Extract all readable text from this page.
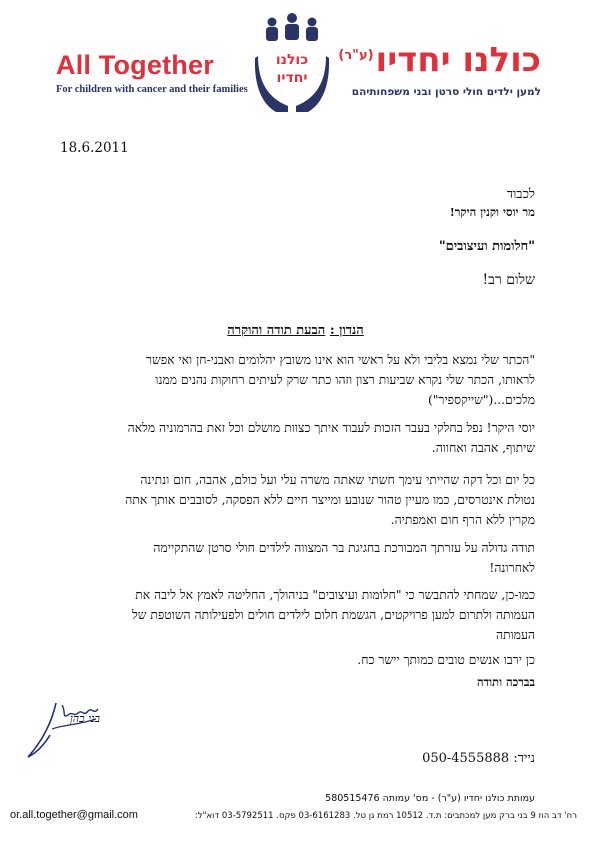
All Together
For children with cancer and their families
כולנו יחדיו$^{(ע"ר)}$
למען ילדים חולי סרטן ובני משפחותיהם
כולנו
יחדיו
18.6.2011
לכבוד
מר יוסי וקנין היקר!
"חלומות ועיצובים"
שלום רב!
הנדון : הבעת תודה והוקרה
"הכתר שלי נמצא בליבי ולא על ראשי הוא אינו משובץ יהלומים ואבני-חן ואי אפשר
לראותו, הכתר שלי נקרא שביעות רצון וזהו כתר שרק לעיתים רחוקות נהנים ממנו
מלכים...("שייקספיר")
יוסי היקר! נפל בחלקי בעבר הזכות לעבוד איתך כצוות מושלם וכל זאת בהרמוניה מלאה
שיתוף, אהבה ואחווה.
כל יום וכל דקה שהייתי עימך חשתי שאתה משרה עלי ועל כולם, אהבה, חום ונתינה
נטולת אינטרסים, כמו מעיין טהור שנובע ומייצר חיים ללא הפסקה, לסובבים אותך אתה
מקרין ללא הרף חום ואמפתיה.
תודה גדולה על עזרתך המבורכת בחגיגת בר המצווה לילדים חולי סרטן שהתקיימה
לאחרונה!
כמו-כן, שמחתי להתבשר כי "חלומות ועיצובים" בניהולך, החליטה לאמץ אל ליבה את
העמותה ולתרום למען פרויקטים, הגשמת חלום לילדים חולים ולפעילותה השוטפת של
העמותה
כן ירבו אנשים טובים כמותך יישר כח.
בברכה ותודה
בני כהן
נייד: 050-4555888
עמותת כולנו יחדיו (ע"ר) - מס' עמותה 580515476
רח' דב הוז 9 בני ברק מען למכתבים: ת.ד. 10512 רמת גן טל. 03-6161283 פקס. 03-5792511 דוא"ל:
or.all.together@gmail.com
